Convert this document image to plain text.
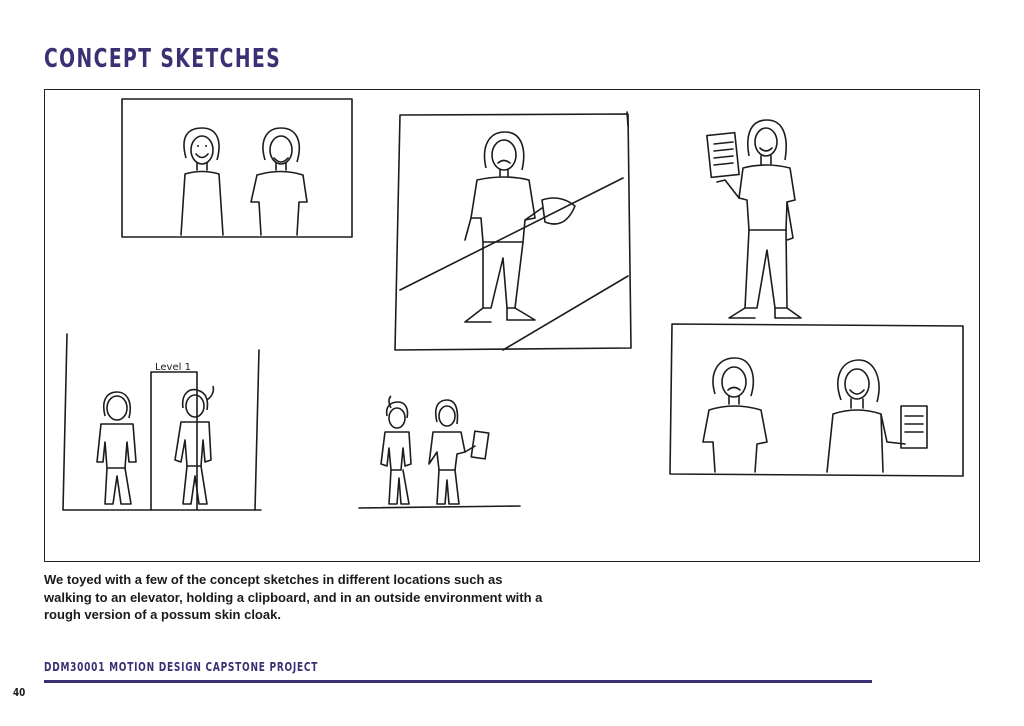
CONCEPT SKETCHES
Level 1
We toyed with a few of the concept sketches in different locations such as walking to an elevator, holding a clipboard, and in an outside environment with a rough version of a possum skin cloak.
DDM30001 MOTION DESIGN CAPSTONE PROJECT
40
